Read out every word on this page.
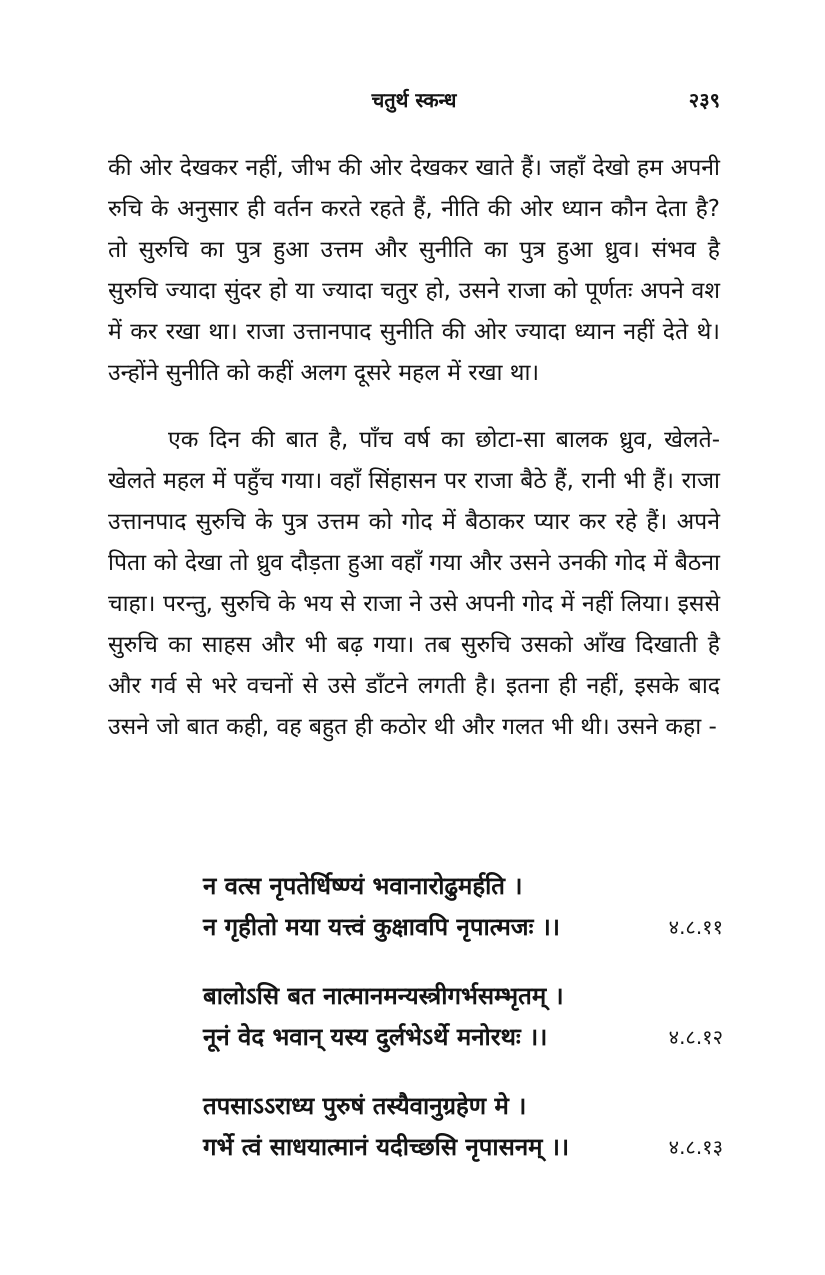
चतुर्थ स्कन्ध	२३९

की ओर देखकर नहीं, जीभ की ओर देखकर खाते हैं। जहाँ देखो हम अपनी रुचि के अनुसार ही वर्तन करते रहते हैं, नीति की ओर ध्यान कौन देता है? तो सुरुचि का पुत्र हुआ उत्तम और सुनीति का पुत्र हुआ ध्रुव। संभव है सुरुचि ज्यादा सुंदर हो या ज्यादा चतुर हो, उसने राजा को पूर्णतः अपने वश में कर रखा था। राजा उत्तानपाद सुनीति की ओर ज्यादा ध्यान नहीं देते थे। उन्होंने सुनीति को कहीं अलग दूसरे महल में रखा था।

एक दिन की बात है, पाँच वर्ष का छोटा-सा बालक ध्रुव, खेलते-खेलते महल में पहुँच गया। वहाँ सिंहासन पर राजा बैठे हैं, रानी भी हैं। राजा उत्तानपाद सुरुचि के पुत्र उत्तम को गोद में बैठाकर प्यार कर रहे हैं। अपने पिता को देखा तो ध्रुव दौड़ता हुआ वहाँ गया और उसने उनकी गोद में बैठना चाहा। परन्तु, सुरुचि के भय से राजा ने उसे अपनी गोद में नहीं लिया। इससे सुरुचि का साहस और भी बढ़ गया। तब सुरुचि उसको आँख दिखाती है और गर्व से भरे वचनों से उसे डाँटने लगती है। इतना ही नहीं, इसके बाद उसने जो बात कही, वह बहुत ही कठोर थी और गलत भी थी। उसने कहा -

न वत्स नृपतेर्धिष्ण्यं भवानारोढुमर्हति ।
न गृहीतो मया यत्त्वं कुक्षावपि नृपात्मजः ।।	४.८.११
बालोऽसि बत नात्मानमन्यस्त्रीगर्भसम्भृतम् ।
नूनं वेद भवान् यस्य दुर्लभेऽर्थे मनोरथः ।।	४.८.१२
तपसाऽऽराध्य पुरुषं तस्यैवानुग्रहेण मे ।
गर्भे त्वं साधयात्मानं यदीच्छसि नृपासनम् ।।	४.८.१३
